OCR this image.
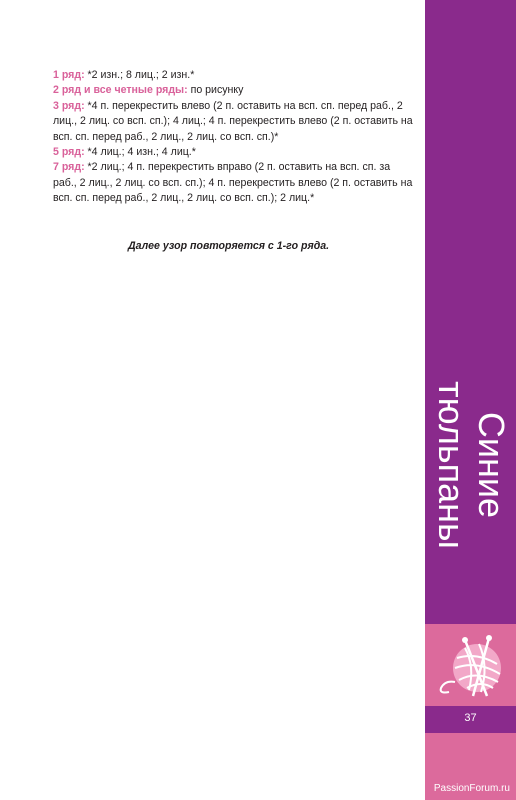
1 ряд: *2 изн.; 8 лиц.; 2 изн.*

2 ряд и все четные ряды: по рисунку

3 ряд: *4 п. перекрестить влево (2 п. оставить на всп. сп. перед раб., 2 лиц., 2 лиц. со всп. сп.); 4 лиц.; 4 п. перекрестить влево (2 п. оставить на всп. сп. перед раб., 2 лиц., 2 лиц. со всп. сп.)*

5 ряд: *4 лиц.; 4 изн.; 4 лиц.*

7 ряд: *2 лиц.; 4 п. перекрестить вправо (2 п. оставить на всп. сп. за раб., 2 лиц., 2 лиц. со всп. сп.); 4 п. перекрестить влево (2 п. оставить на всп. сп. перед раб., 2 лиц., 2 лиц. со всп. сп.); 2 лиц.*

Далее узор повторяется с 1-го ряда.
Синие
тюльпаны
37
PassionForum.ru
